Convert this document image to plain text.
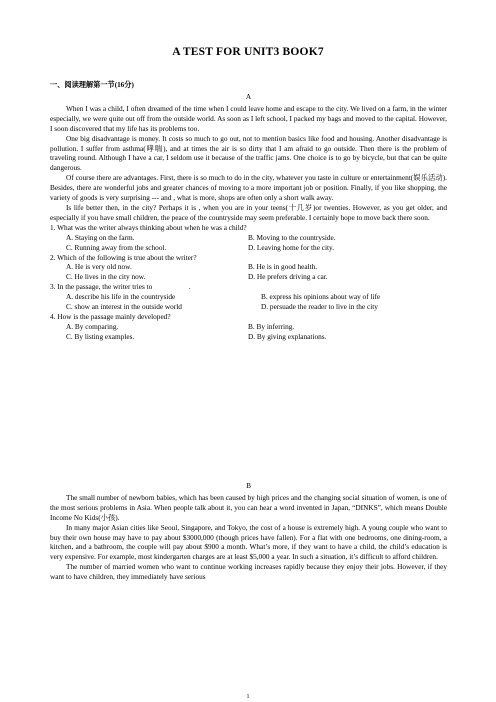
A TEST FOR UNIT3 BOOK7
一、阅读理解第一节(16分)
A

When I was a child, I often dreamed of the time when I could leave home and escape to the city. We lived on a farm, in the winter especially, we were quite out off from the outside world. As soon as I left school, I packed my bags and moved to the capital. However, I soon discovered that my life has its problems too.

One big disadvantage is money. It costs so much to go out, not to mention basics like food and housing. Another disadvantage is pollution. I suffer from asthma(哮喘), and at times the air is so dirty that I am afraid to go outside. Then there is the problem of traveling round. Although I have a car, I seldom use it because of the traffic jams. One choice is to go by bicycle, but that can be quite dangerous.

Of course there are advantages. First, there is so much to do in the city, whatever you taste in culture or entertainment(娱乐活动). Besides, there are wonderful jobs and greater chances of moving to a more important job or position. Finally, if you like shopping, the variety of goods is very surprising --- and , what is more, shops are often only a short walk away.

Is life better then, in the city? Perhaps it is , when you are in your teens(十几岁)or twenties. However, as you get older, and especially if you have small children, the peace of the countryside may seem preferable. I certainly hope to move back there soon.

1. What was the writer always thinking about when he was a child?

A. Staying on the farm.	B. Moving to the countryside.
C. Running away from the school.	D. Leaving home for the city.

2. Which of the following is true about the writer?

A. He is very old now.	B. He is in good health.
C. He lives in the city now.	D. He prefers driving a car.

3. In the passage, the writer tries to                    .

A. describe his life in the countryside	B. express his opinions about way of life
C. show an interest in the outside world	D. persuade the reader to live in the city

4. How is the passage mainly developed?

A. By comparing.	B. By inferring.
C. By listing examples.	D. By giving explanations.
B

The small number of newborn babies, which has been caused by high prices and the changing social situation of women, is one of the most serious problems in Asia. When people talk about it, you can hear a word invented in Japan, “DINKS”, which means Double Income No Kids(小孩).

In many major Asian cities like Seoul, Singapore, and Tokyo, the cost of a house is extremely high. A young couple who want to buy their own house may have to pay about $3000,000 (though prices have fallen). For a flat with one bedrooms, one dining-room, a kitchen, and a bathroom, the couple will pay about $900 a month. What’s more, if they want to have a child, the child’s education is very expensive. For example, most kindergarten charges are at least $5,000 a year. In such a situation, it’s difficult to afford children.

The number of married women who want to continue working increases rapidly because they enjoy their jobs. However, if they want to have children, they immediately have serious

1
